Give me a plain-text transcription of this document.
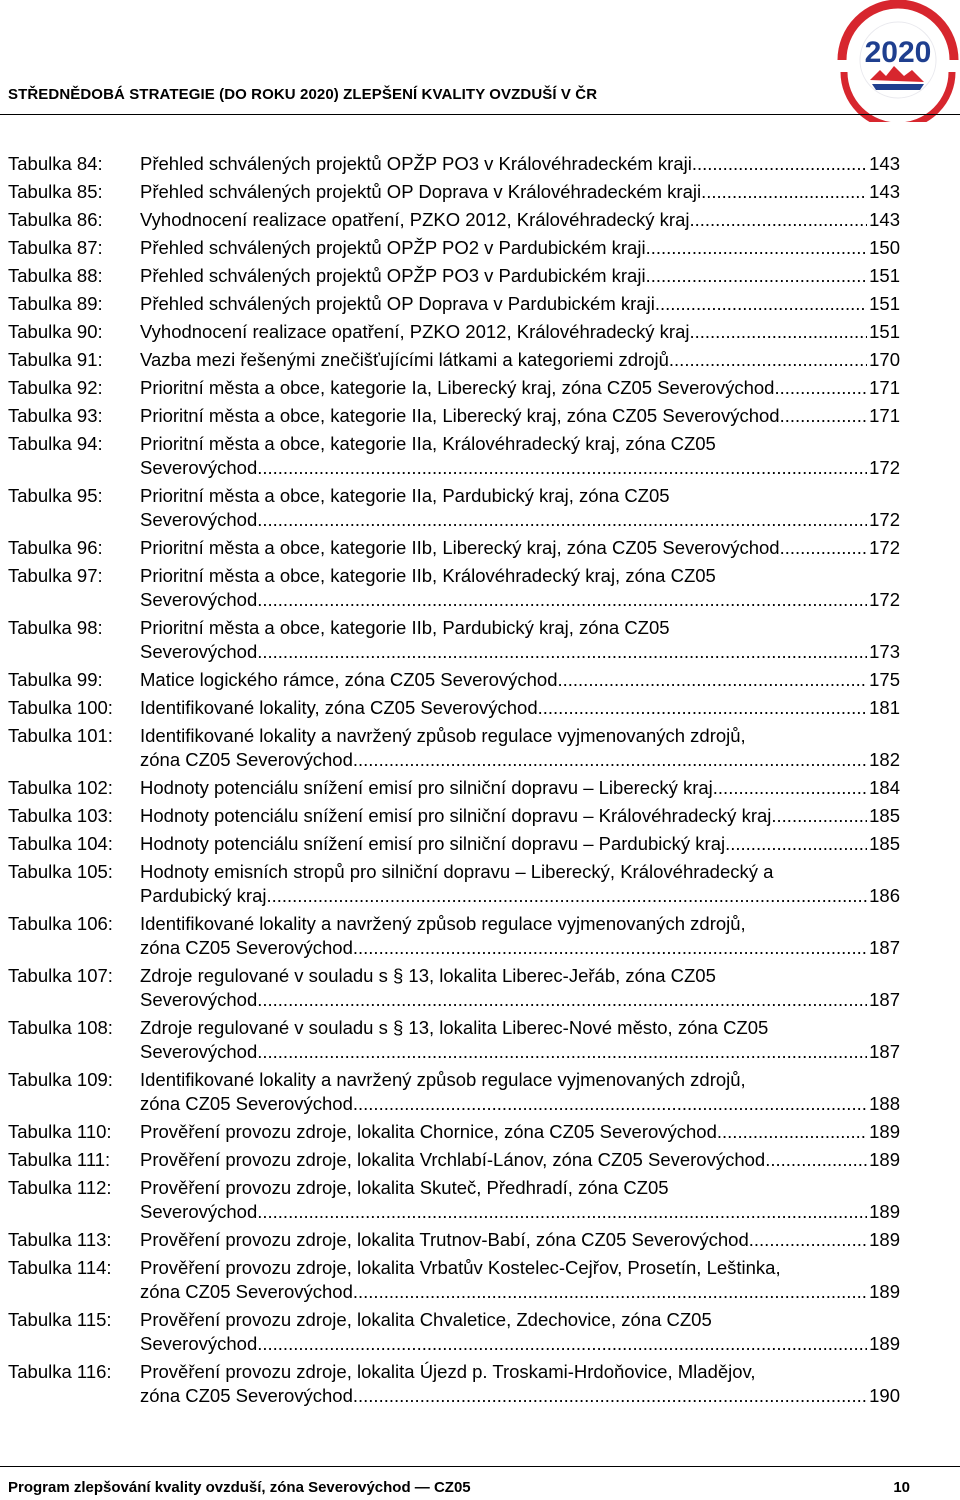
STŘEDNĚDOBÁ STRATEGIE (DO ROKU 2020) ZLEPŠENÍ KVALITY OVZDUŠÍ V ČR
2020
Tabulka 84:	Přehled schválených projektů OPŽP PO3 v Královéhradeckém kraji .....	143
Tabulka 85:	Přehled schválených projektů OP Doprava v Královéhradeckém kraji .....	143
Tabulka 86:	Vyhodnocení realizace opatření, PZKO 2012, Královéhradecký kraj .....	143
Tabulka 87:	Přehled schválených projektů OPŽP PO2 v Pardubickém kraji .....	150
Tabulka 88:	Přehled schválených projektů OPŽP PO3 v Pardubickém kraji .....	151
Tabulka 89:	Přehled schválených projektů OP Doprava v Pardubickém kraji .....	151
Tabulka 90:	Vyhodnocení realizace opatření, PZKO 2012, Královéhradecký kraj .....	151
Tabulka 91:	Vazba mezi řešenými znečišťujícími látkami a kategoriemi zdrojů .....	170
Tabulka 92:	Prioritní města a obce, kategorie Ia, Liberecký kraj, zóna CZ05 Severovýchod .....	171
Tabulka 93:	Prioritní města a obce, kategorie IIa, Liberecký kraj, zóna CZ05 Severovýchod .....	171
Tabulka 94:	Prioritní města a obce, kategorie IIa, Královéhradecký kraj, zóna CZ05
Severovýchod .....	172
Tabulka 95:	Prioritní města a obce, kategorie IIa, Pardubický kraj, zóna CZ05
Severovýchod .....	172
Tabulka 96:	Prioritní města a obce, kategorie IIb, Liberecký kraj, zóna CZ05 Severovýchod .....	172
Tabulka 97:	Prioritní města a obce, kategorie IIb, Královéhradecký kraj, zóna CZ05
Severovýchod .....	172
Tabulka 98:	Prioritní města a obce, kategorie IIb, Pardubický kraj, zóna CZ05
Severovýchod .....	173
Tabulka 99:	Matice logického rámce, zóna CZ05 Severovýchod .....	175
Tabulka 100:	Identifikované lokality, zóna CZ05 Severovýchod .....	181
Tabulka 101:	Identifikované lokality a navržený způsob regulace vyjmenovaných zdrojů,
zóna CZ05 Severovýchod .....	182
Tabulka 102:	Hodnoty potenciálu snížení emisí pro silniční dopravu – Liberecký kraj .....	184
Tabulka 103:	Hodnoty potenciálu snížení emisí pro silniční dopravu – Královéhradecký kraj .....	185
Tabulka 104:	Hodnoty potenciálu snížení emisí pro silniční dopravu – Pardubický kraj .....	185
Tabulka 105:	Hodnoty emisních stropů pro silniční dopravu – Liberecký, Královéhradecký a
Pardubický kraj .....	186
Tabulka 106:	Identifikované lokality a navržený způsob regulace vyjmenovaných zdrojů,
zóna CZ05 Severovýchod .....	187
Tabulka 107:	Zdroje regulované v souladu s § 13, lokalita Liberec-Jeřáb, zóna CZ05
Severovýchod .....	187
Tabulka 108:	Zdroje regulované v souladu s § 13, lokalita Liberec-Nové město, zóna CZ05
Severovýchod .....	187
Tabulka 109:	Identifikované lokality a navržený způsob regulace vyjmenovaných zdrojů,
zóna CZ05 Severovýchod .....	188
Tabulka 110:	Prověření provozu zdroje, lokalita Chornice, zóna CZ05 Severovýchod .....	189
Tabulka 111:	Prověření provozu zdroje, lokalita Vrchlabí-Lánov, zóna CZ05 Severovýchod .....	189
Tabulka 112:	Prověření provozu zdroje, lokalita Skuteč, Předhradí, zóna CZ05
Severovýchod .....	189
Tabulka 113:	Prověření provozu zdroje, lokalita Trutnov-Babí, zóna CZ05 Severovýchod .....	189
Tabulka 114:	Prověření provozu zdroje, lokalita Vrbatův Kostelec-Cejřov, Prosetín, Leštinka,
zóna CZ05 Severovýchod .....	189
Tabulka 115:	Prověření provozu zdroje, lokalita Chvaletice, Zdechovice, zóna CZ05
Severovýchod .....	189
Tabulka 116:	Prověření provozu zdroje, lokalita Újezd p. Troskami-Hrdoňovice, Mladějov,
zóna CZ05 Severovýchod .....	190
Program zlepšování kvality ovzduší, zóna Severovýchod — CZ05	10
